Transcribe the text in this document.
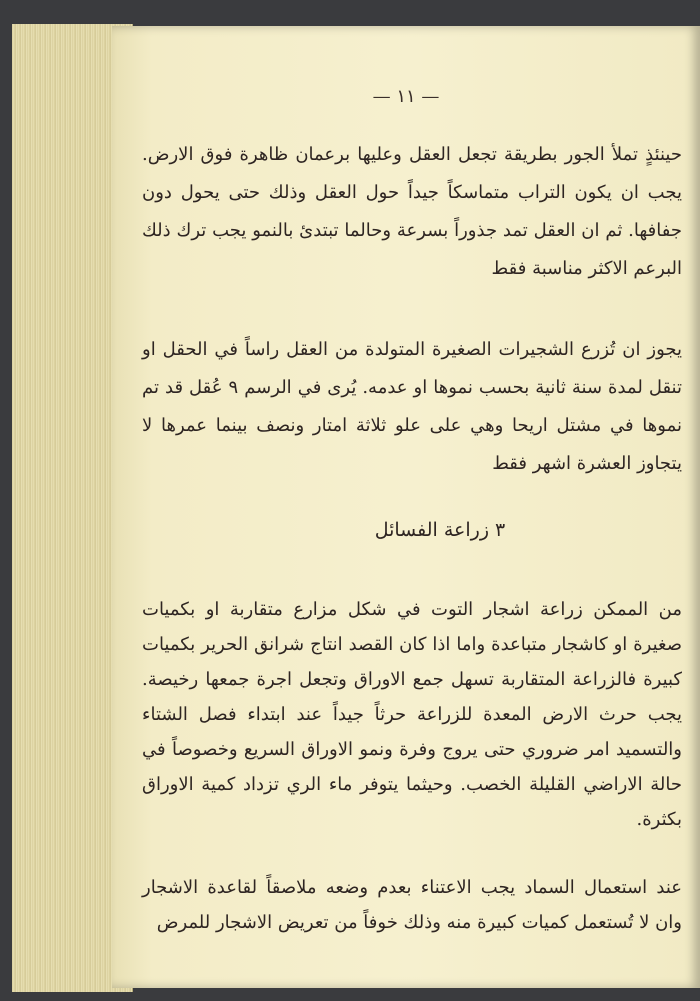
— ١١ —

حينئذٍ تملأ الجور بطريقة تجعل العقل وعليها برعمان ظاهرة فوق الارض. يجب ان يكون التراب متماسكاً جيداً حول العقل وذلك حتى يحول دون جفافها. ثم ان العقل تمد جذوراً بسرعة وحالما تبتدئ بالنمو يجب ترك ذلك البرعم الاكثر مناسبة فقط

يجوز ان تُزرع الشجيرات الصغيرة المتولدة من العقل راساً في الحقل او تنقل لمدة سنة ثانية بحسب نموها او عدمه. يُرى في الرسم ٩ عُقل قد تم نموها في مشتل اريحا وهي على علو ثلاثة امتار ونصف بينما عمرها لا يتجاوز العشرة اشهر فقط

٣ زراعة الفسائل

من الممكن زراعة اشجار التوت في شكل مزارع متقاربة او بكميات صغيرة او كاشجار متباعدة واما اذا كان القصد انتاج شرانق الحرير بكميات كبيرة فالزراعة المتقاربة تسهل جمع الاوراق وتجعل اجرة جمعها رخيصة. يجب حرث الارض المعدة للزراعة حرثاً جيداً عند ابتداء فصل الشتاء والتسميد امر ضروري حتى يروج وفرة ونمو الاوراق السريع وخصوصاً في حالة الاراضي القليلة الخصب. وحيثما يتوفر ماء الري تزداد كمية الاوراق بكثرة.

عند استعمال السماد يجب الاعتناء بعدم وضعه ملاصقاً لقاعدة الاشجار وان لا تُستعمل كميات كبيرة منه وذلك خوفاً من تعريض الاشجار للمرض
